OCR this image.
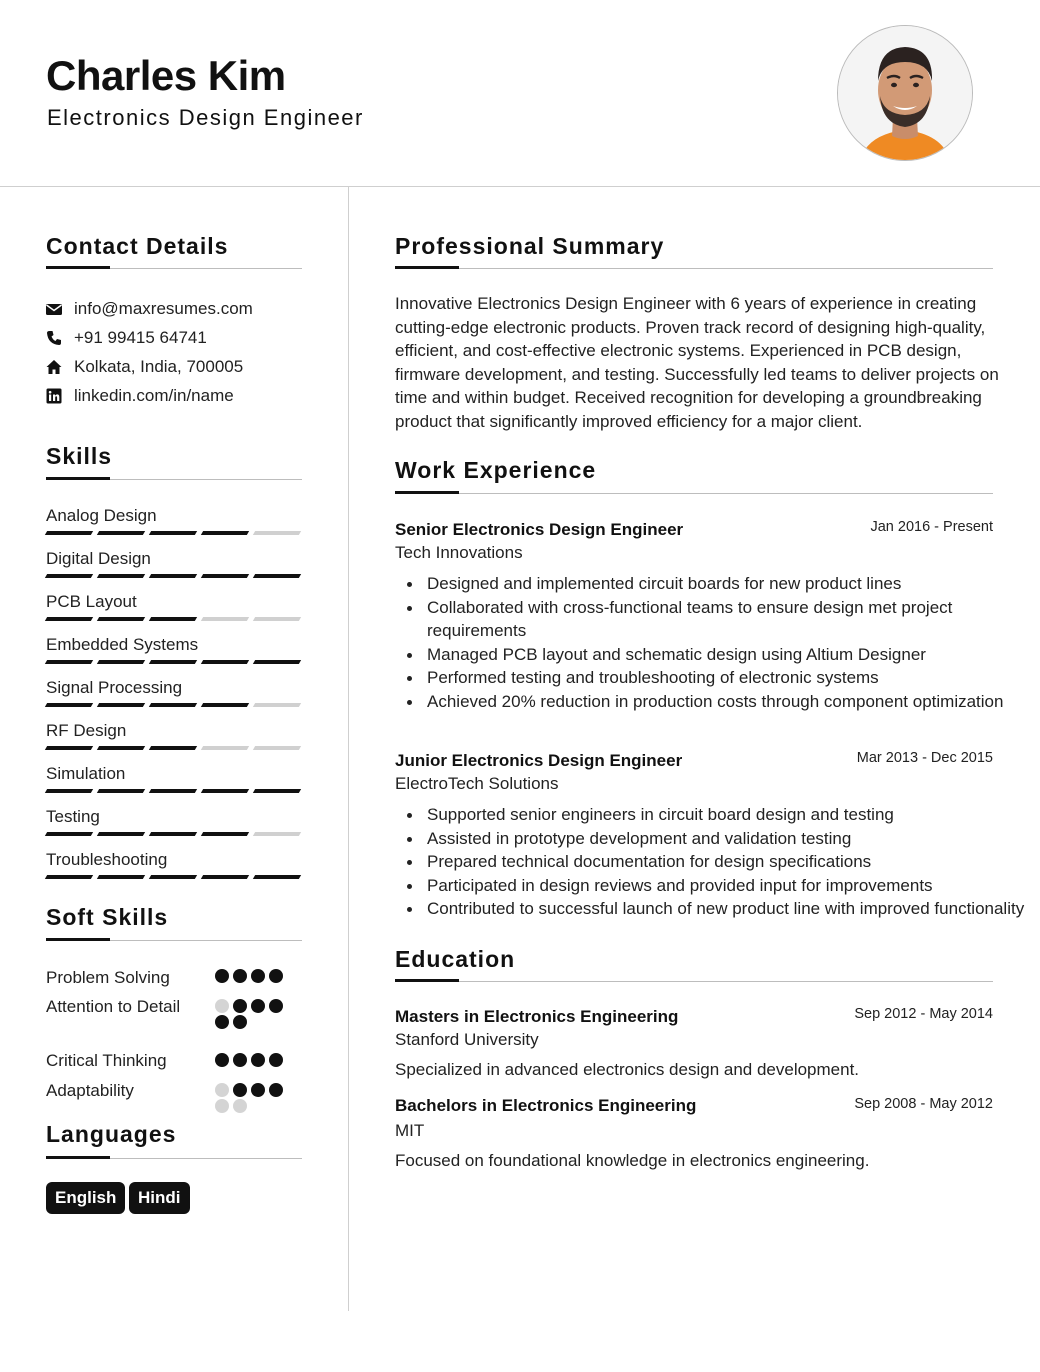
Charles Kim
Electronics Design Engineer
Contact Details
info@maxresumes.com
+91 99415 64741
Kolkata, India, 700005
linkedin.com/in/name
Skills
Analog Design
Digital Design
PCB Layout
Embedded Systems
Signal Processing
RF Design
Simulation
Testing
Troubleshooting
Soft Skills
Problem Solving
Attention to Detail
Critical Thinking
Adaptability
Languages
English	Hindi
Professional Summary
Innovative Electronics Design Engineer with 6 years of experience in creating cutting-edge electronic products. Proven track record of designing high-quality, efficient, and cost-effective electronic systems. Experienced in PCB design, firmware development, and testing. Successfully led teams to deliver projects on time and within budget. Received recognition for developing a groundbreaking product that significantly improved efficiency for a major client.
Work Experience
Senior Electronics Design Engineer	Jan 2016 - Present
Tech Innovations
Designed and implemented circuit boards for new product lines
Collaborated with cross-functional teams to ensure design met project requirements
Managed PCB layout and schematic design using Altium Designer
Performed testing and troubleshooting of electronic systems
Achieved 20% reduction in production costs through component optimization
Junior Electronics Design Engineer	Mar 2013 - Dec 2015
ElectroTech Solutions
Supported senior engineers in circuit board design and testing
Assisted in prototype development and validation testing
Prepared technical documentation for design specifications
Participated in design reviews and provided input for improvements
Contributed to successful launch of new product line with improved functionality
Education
Masters in Electronics Engineering	Sep 2012 - May 2014
Stanford University
Specialized in advanced electronics design and development.
Bachelors in Electronics Engineering	Sep 2008 - May 2012
MIT
Focused on foundational knowledge in electronics engineering.
